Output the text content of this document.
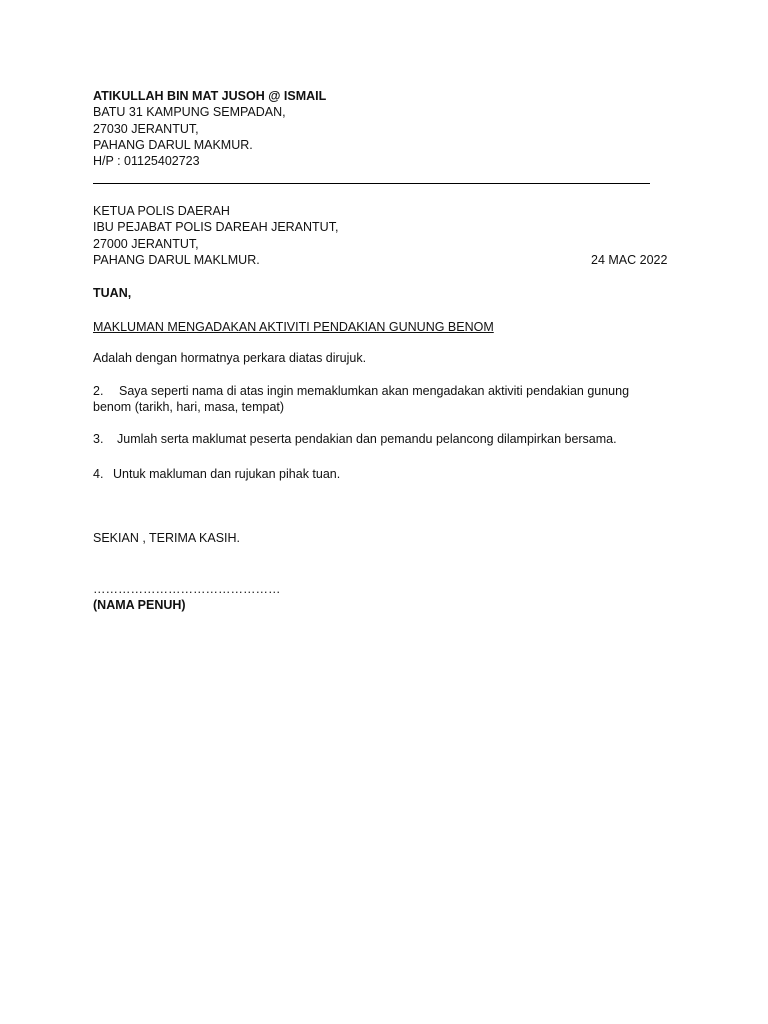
ATIKULLAH BIN MAT JUSOH @ ISMAIL
BATU 31 KAMPUNG SEMPADAN,
27030 JERANTUT,
PAHANG DARUL MAKMUR.
H/P : 01125402723
KETUA POLIS DAERAH
IBU PEJABAT POLIS DAREAH JERANTUT,
27000 JERANTUT,
PAHANG DARUL MAKLMUR.	24 MAC 2022
TUAN,
MAKLUMAN MENGADAKAN AKTIVITI PENDAKIAN GUNUNG BENOM
Adalah dengan hormatnya perkara diatas dirujuk.
2. Saya seperti nama di atas ingin memaklumkan akan mengadakan aktiviti pendakian gunung benom (tarikh, hari, masa, tempat)
3. Jumlah serta maklumat peserta pendakian dan pemandu pelancong dilampirkan bersama.
4. Untuk makluman dan rujukan pihak tuan.
SEKIAN , TERIMA KASIH.
………………………………………
(NAMA PENUH)
